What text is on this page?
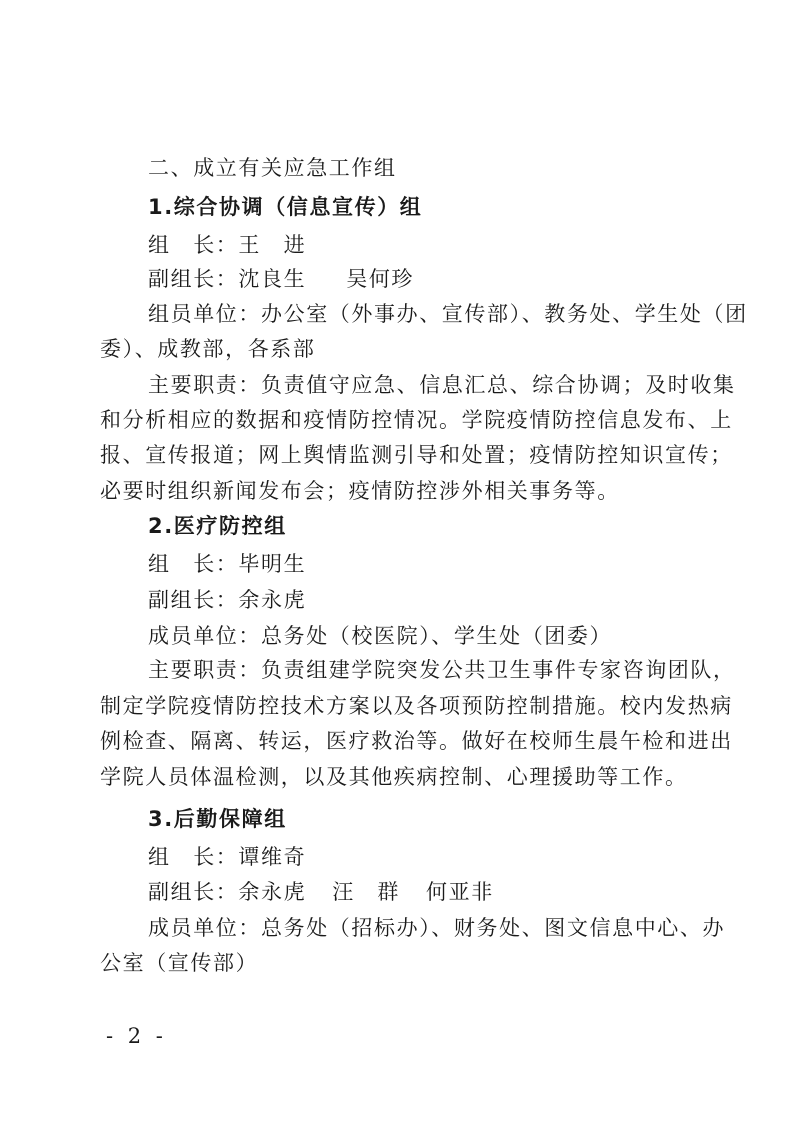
二、成立有关应急工作组
1.综合协调（信息宣传）组
组　长：王　进
副组长：沈良生 吴何珍
组员单位：办公室（外事办、宣传部）、教务处、学生处（团
委）、成教部，各系部
主要职责：负责值守应急、信息汇总、综合协调；及时收集
和分析相应的数据和疫情防控情况。学院疫情防控信息发布、上
报、宣传报道；网上舆情监测引导和处置；疫情防控知识宣传；
必要时组织新闻发布会；疫情防控涉外相关事务等。
2.医疗防控组
组　长：毕明生
副组长：余永虎
成员单位：总务处（校医院）、学生处（团委）
主要职责：负责组建学院突发公共卫生事件专家咨询团队，
制定学院疫情防控技术方案以及各项预防控制措施。校内发热病
例检查、隔离、转运，医疗救治等。做好在校师生晨午检和进出
学院人员体温检测，以及其他疾病控制、心理援助等工作。
3.后勤保障组
组　长：谭维奇
副组长：余永虎 汪　群 何亚非
成员单位：总务处（招标办）、财务处、图文信息中心、办
公室（宣传部）
- 2 -
